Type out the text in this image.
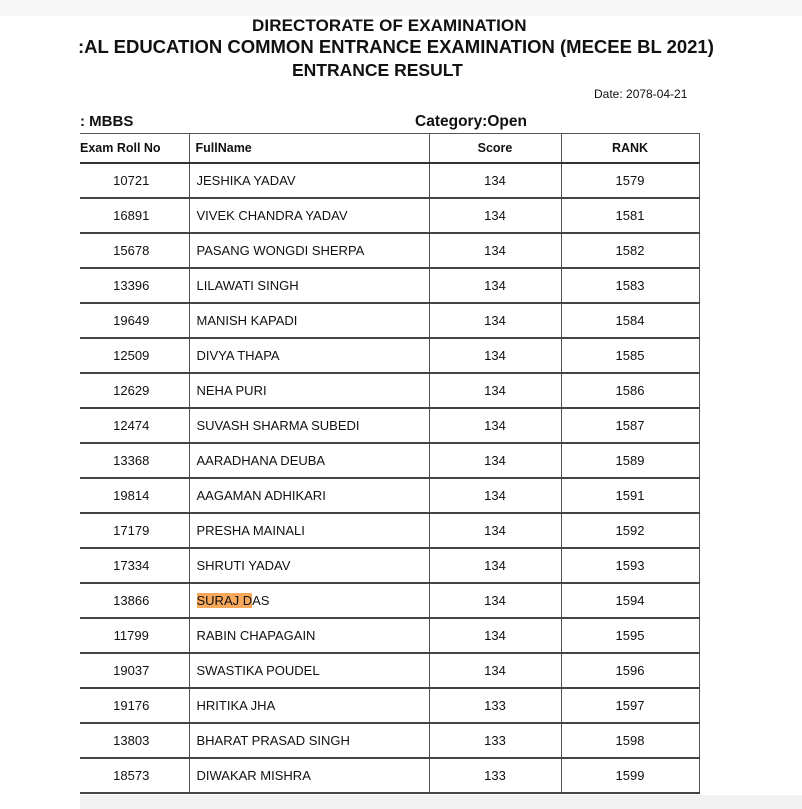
DIRECTORATE OF EXAMINATION
:AL EDUCATION COMMON ENTRANCE EXAMINATION (MECEE BL 2021)
ENTRANCE RESULT
Date: 2078-04-21
: MBBS	Category:Open
Exam Roll No	FullName	Score	RANK
10721	JESHIKA YADAV	134	1579
16891	VIVEK CHANDRA YADAV	134	1581
15678	PASANG WONGDI SHERPA	134	1582
13396	LILAWATI SINGH	134	1583
19649	MANISH KAPADI	134	1584
12509	DIVYA THAPA	134	1585
12629	NEHA PURI	134	1586
12474	SUVASH SHARMA SUBEDI	134	1587
13368	AARADHANA DEUBA	134	1589
19814	AAGAMAN ADHIKARI	134	1591
17179	PRESHA MAINALI	134	1592
17334	SHRUTI YADAV	134	1593
13866	SURAJ DAS	134	1594
11799	RABIN CHAPAGAIN	134	1595
19037	SWASTIKA POUDEL	134	1596
19176	HRITIKA JHA	133	1597
13803	BHARAT PRASAD SINGH	133	1598
18573	DIWAKAR MISHRA	133	1599
